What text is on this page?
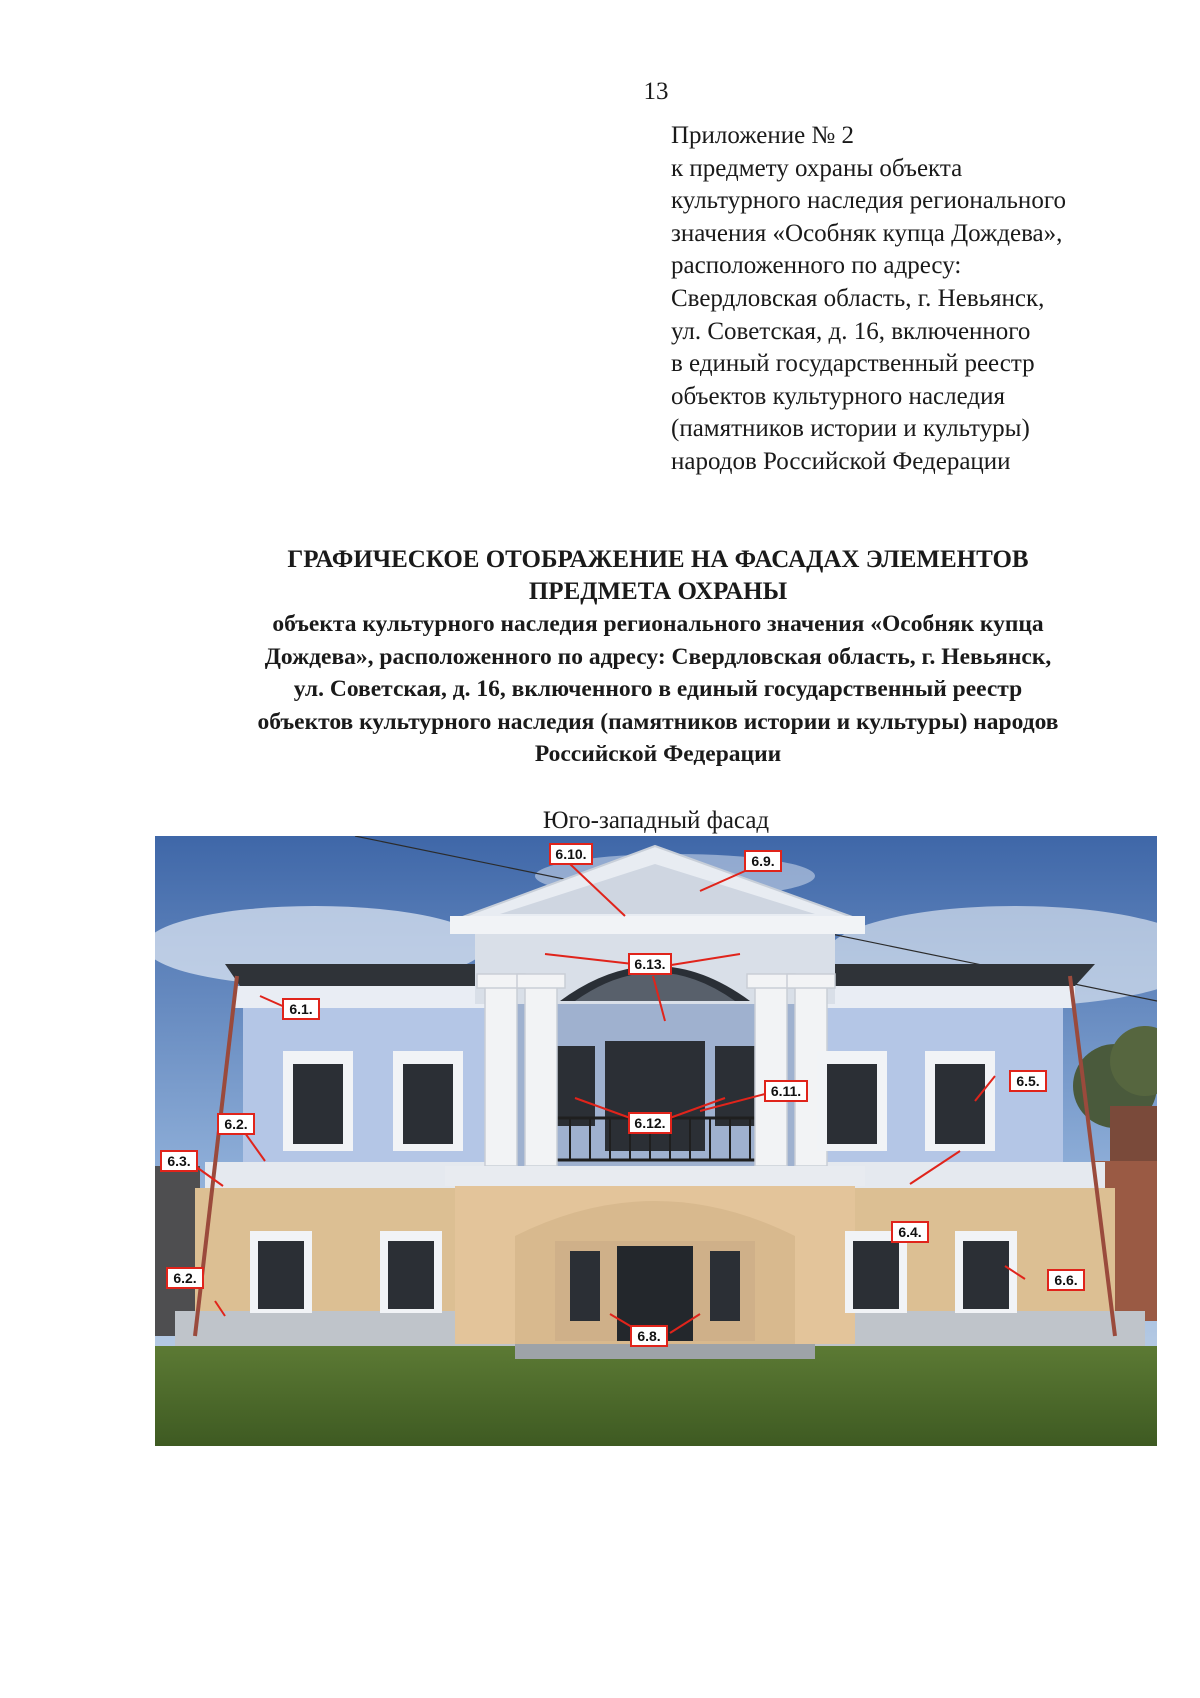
13
Приложение № 2
к предмету охраны объекта
культурного наследия регионального
значения «Особняк купца Дождева»,
расположенного по адресу:
Свердловская область, г. Невьянск,
ул. Советская, д. 16, включенного
в единый государственный реестр
объектов культурного наследия
(памятников истории и культуры)
народов Российской Федерации
ГРАФИЧЕСКОЕ ОТОБРАЖЕНИЕ НА ФАСАДАХ ЭЛЕМЕНТОВ
ПРЕДМЕТА ОХРАНЫ
объекта культурного наследия регионального значения «Особняк купца
Дождева», расположенного по адресу: Свердловская область, г. Невьянск,
ул. Советская, д. 16, включенного в единый государственный реестр
объектов культурного наследия (памятников истории и культуры) народов
Российской Федерации
Юго-западный фасад
6.10.	6.9.
6.13.
6.1.
6.5.
6.11.
6.12.
6.2.
6.3.
6.4.
6.2.	6.6.
6.8.
